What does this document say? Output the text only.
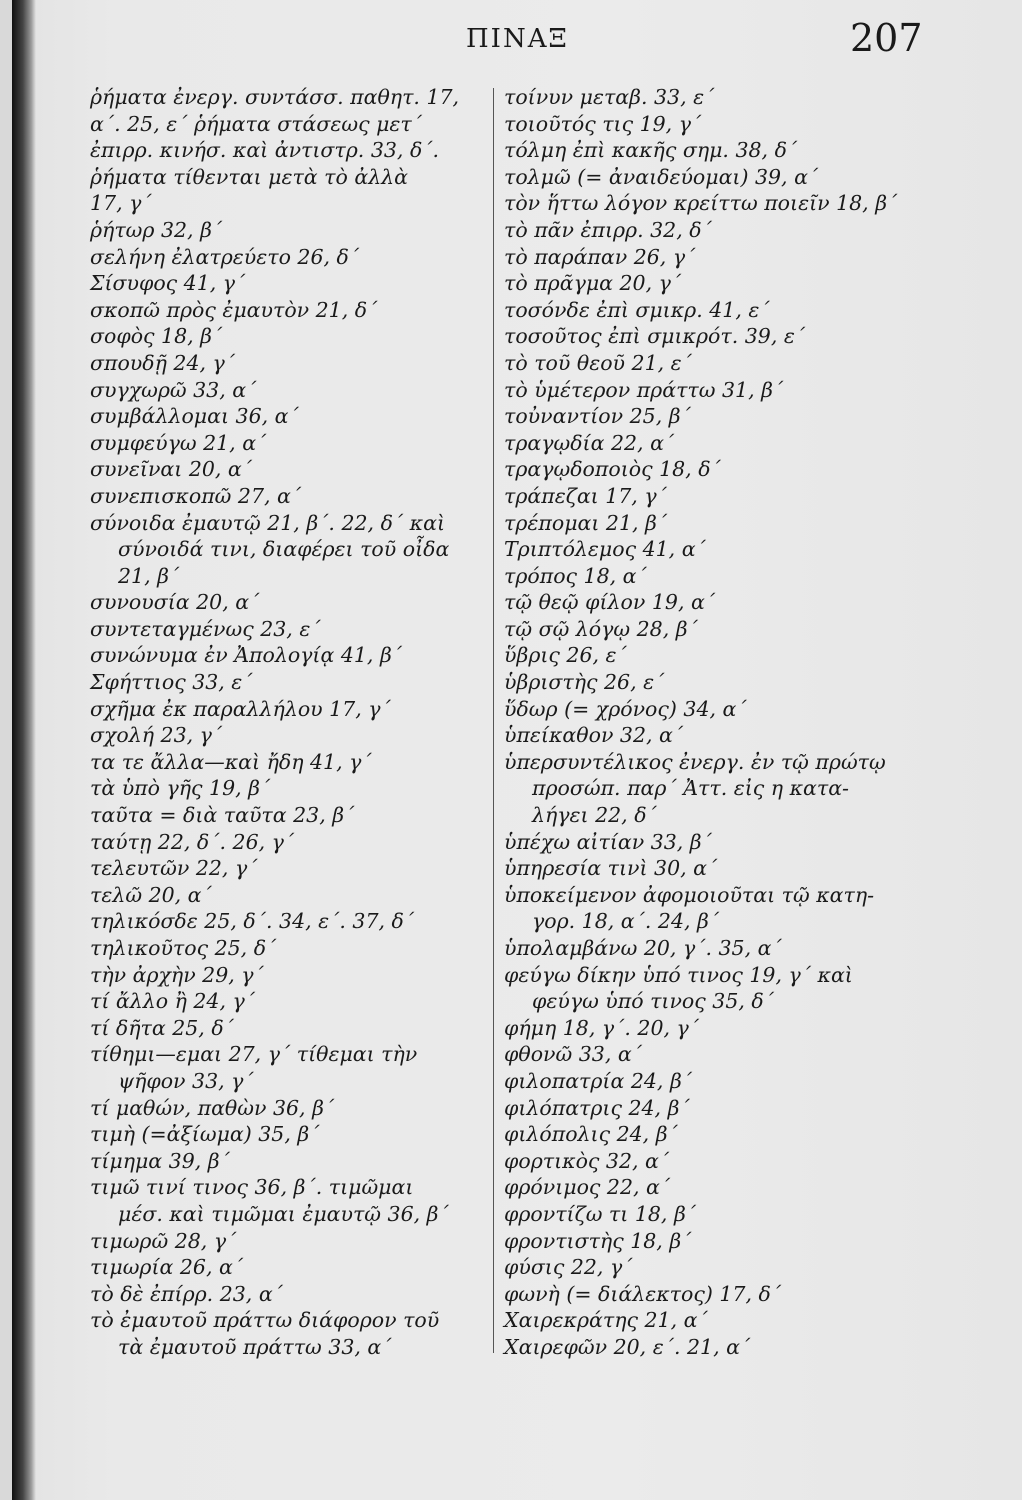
ΠΙΝΑΞ	207
ῥήματα ἐνεργ. συντάσσ. παθητ. 17,
α΄. 25, ε΄ ῥήματα στάσεως μετ΄
ἐπιρρ. κινήσ. καὶ ἀντιστρ. 33, δ΄.
ῥήματα τίθενται μετὰ τὸ ἀλλὰ
17, γ΄
ῥήτωρ 32, β΄
σελήνη ἐλατρεύετο 26, δ΄
Σίσυφος 41, γ΄
σκοπῶ πρὸς ἐμαυτὸν 21, δ΄
σοφὸς 18, β΄
σπουδῇ 24, γ΄
συγχωρῶ 33, α΄
συμβάλλομαι 36, α΄
συμφεύγω 21, α΄
συνεῖναι 20, α΄
συνεπισκοπῶ 27, α΄
σύνοιδα ἐμαυτῷ 21, β΄. 22, δ΄ καὶ
σύνοιδά τινι, διαφέρει τοῦ οἶδα
21, β΄
συνουσία 20, α΄
συντεταγμένως 23, ε΄
συνώνυμα ἐν Ἀπολογίᾳ 41, β΄
Σφήττιος 33, ε΄
σχῆμα ἐκ παραλλήλου 17, γ΄
σχολή 23, γ΄
τα τε ἄλλα—καὶ ἤδη 41, γ΄
τὰ ὑπὸ γῆς 19, β΄
ταῦτα = διὰ ταῦτα 23, β΄
ταύτῃ 22, δ΄. 26, γ΄
τελευτῶν 22, γ΄
τελῶ 20, α΄
τηλικόσδε 25, δ΄. 34, ε΄. 37, δ΄
τηλικοῦτος 25, δ΄
τὴν ἀρχὴν 29, γ΄
τί ἄλλο ἢ 24, γ΄
τί δῆτα 25, δ΄
τίθημι—εμαι 27, γ΄ τίθεμαι τὴν
ψῆφον 33, γ΄
τί μαθών, παθὼν 36, β΄
τιμὴ (=ἀξίωμα) 35, β΄
τίμημα 39, β΄
τιμῶ τινί τινος 36, β΄. τιμῶμαι
μέσ. καὶ τιμῶμαι ἐμαυτῷ 36, β΄
τιμωρῶ 28, γ΄
τιμωρία 26, α΄
τὸ δὲ ἐπίρρ. 23, α΄
τὸ ἐμαυτοῦ πράττω διάφορον τοῦ
τὰ ἐμαυτοῦ πράττω 33, α΄
τοίνυν μεταβ. 33, ε΄
τοιοῦτός τις 19, γ΄
τόλμη ἐπὶ κακῆς σημ. 38, δ΄
τολμῶ (= ἀναιδεύομαι) 39, α΄
τὸν ἥττω λόγον κρείττω ποιεῖν 18, β΄
τὸ πᾶν ἐπιρρ. 32, δ΄
τὸ παράπαν 26, γ΄
τὸ πρᾶγμα 20, γ΄
τοσόνδε ἐπὶ σμικρ. 41, ε΄
τοσοῦτος ἐπὶ σμικρότ. 39, ε΄
τὸ τοῦ θεοῦ 21, ε΄
τὸ ὑμέτερον πράττω 31, β΄
τοὐναντίον 25, β΄
τραγῳδία 22, α΄
τραγῳδοποιὸς 18, δ΄
τράπεζαι 17, γ΄
τρέπομαι 21, β΄
Τριπτόλεμος 41, α΄
τρόπος 18, α΄
τῷ θεῷ φίλον 19, α΄
τῷ σῷ λόγῳ 28, β΄
ὕβρις 26, ε΄
ὑβριστὴς 26, ε΄
ὕδωρ (= χρόνος) 34, α΄
ὑπείκαθον 32, α΄
ὑπερσυντέλικος ἐνεργ. ἐν τῷ πρώτῳ
προσώπ. παρ΄ Ἀττ. εἰς η κατα-
λήγει 22, δ΄
ὑπέχω αἰτίαν 33, β΄
ὑπηρεσία τινὶ 30, α΄
ὑποκείμενον ἀφομοιοῦται τῷ κατη-
γορ. 18, α΄. 24, β΄
ὑπολαμβάνω 20, γ΄. 35, α΄
φεύγω δίκην ὑπό τινος 19, γ΄ καὶ
φεύγω ὑπό τινος 35, δ΄
φήμη 18, γ΄. 20, γ΄
φθονῶ 33, α΄
φιλοπατρία 24, β΄
φιλόπατρις 24, β΄
φιλόπολις 24, β΄
φορτικὸς 32, α΄
φρόνιμος 22, α΄
φροντίζω τι 18, β΄
φροντιστὴς 18, β΄
φύσις 22, γ΄
φωνὴ (= διάλεκτος) 17, δ΄
Χαιρεκράτης 21, α΄
Χαιρεφῶν 20, ε΄. 21, α΄
